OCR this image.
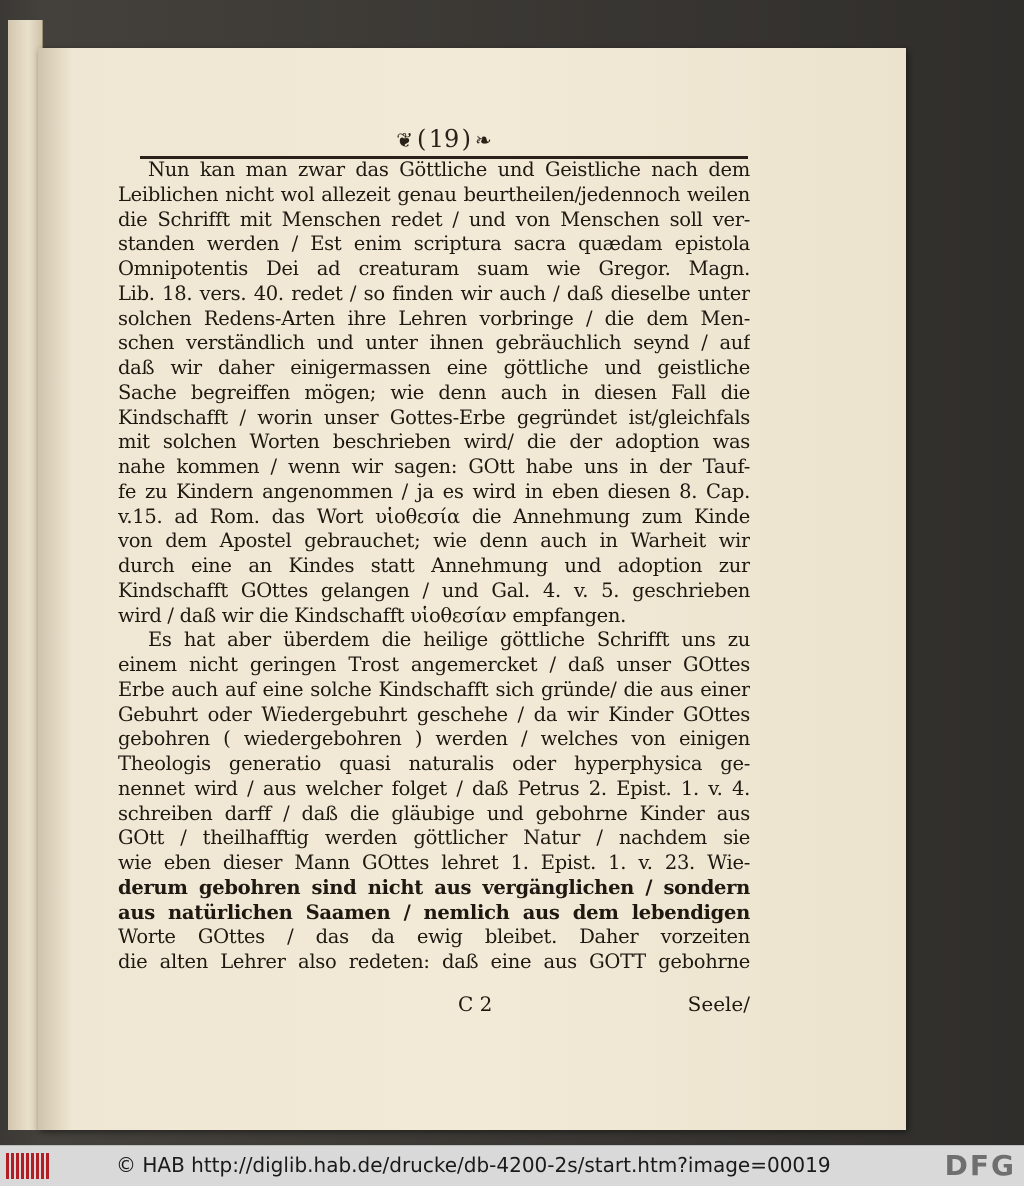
❦ ( 19 ) ❧
Nun kan man zwar das Göttliche und Geistliche nach dem
Leiblichen nicht wol allezeit genau beurtheilen/jedennoch weilen
die Schrifft mit Menschen redet / und von Menschen soll ver-
standen werden / Est enim scriptura sacra quædam epistola
Omnipotentis Dei ad creaturam suam wie Gregor. Magn.
Lib. 18. vers. 40. redet / so finden wir auch / daß dieselbe unter
solchen Redens-Arten ihre Lehren vorbringe / die dem Men-
schen verständlich und unter ihnen gebräuchlich seynd / auf
daß wir daher einigermassen eine göttliche und geistliche
Sache begreiffen mögen; wie denn auch in diesen Fall die
Kindschafft / worin unser Gottes-Erbe gegründet ist/gleichfals
mit solchen Worten beschrieben wird/ die der adoption was
nahe kommen / wenn wir sagen: GOtt habe uns in der Tauf-
fe zu Kindern angenommen / ja es wird in eben diesen 8. Cap.
v.15. ad Rom. das Wort υἱοθεσία die Annehmung zum Kinde
von dem Apostel gebrauchet; wie denn auch in Warheit wir
durch eine an Kindes statt Annehmung und adoption zur
Kindschafft GOttes gelangen / und Gal. 4. v. 5. geschrieben
wird / daß wir die Kindschafft υἱοθεσίαν empfangen.
Es hat aber überdem die heilige göttliche Schrifft uns zu
einem nicht geringen Trost angemercket / daß unser GOttes
Erbe auch auf eine solche Kindschafft sich gründe/ die aus einer
Gebuhrt oder Wiedergebuhrt geschehe / da wir Kinder GOttes
gebohren ( wiedergebohren ) werden / welches von einigen
Theologis generatio quasi naturalis oder hyperphysica ge-
nennet wird / aus welcher folget / daß Petrus 2. Epist. 1. v. 4.
schreiben darff / daß die gläubige und gebohrne Kinder aus
GOtt / theilhafftig werden göttlicher Natur / nachdem sie
wie eben dieser Mann GOttes lehret 1. Epist. 1. v. 23. Wie-
derum gebohren sind nicht aus vergänglichen / sondern
aus natürlichen Saamen / nemlich aus dem lebendigen
Worte GOttes / das da ewig bleibet. Daher vorzeiten
die alten Lehrer also redeten: daß eine aus GOTT gebohrne
C 2	Seele/
© HAB http://diglib.hab.de/drucke/db-4200-2s/start.htm?image=00019	DFG
